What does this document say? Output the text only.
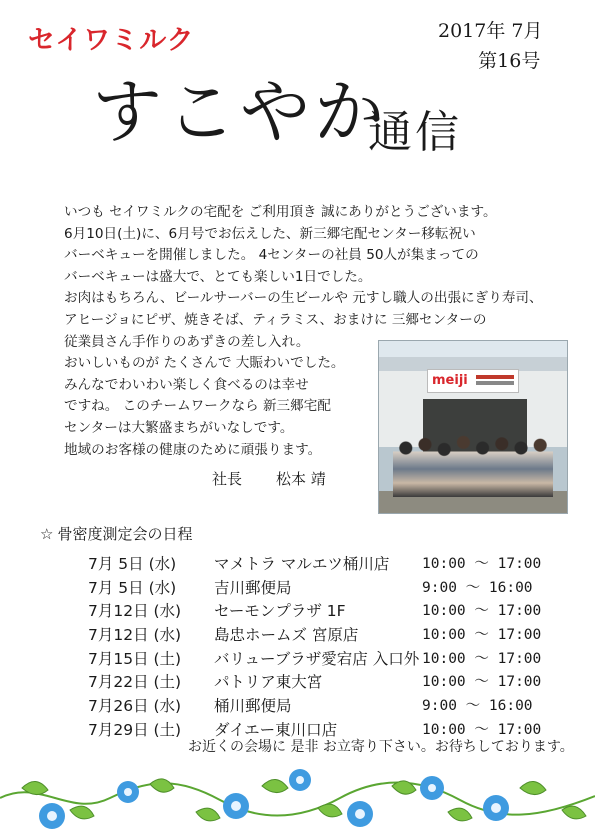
セイワミルク	2017年 7月
第16号
すこやか
通信
いつも セイワミルクの宅配を ご利用頂き 誠にありがとうございます。
6月10日(土)に、6月号でお伝えした、新三郷宅配センター移転祝い
バーベキューを開催しました。 4センターの社員 50人が集まっての
バーベキューは盛大で、とても楽しい1日でした。
お肉はもちろん、ビールサーバーの生ビールや 元すし職人の出張にぎり寿司、
アヒージョにピザ、焼きそば、ティラミス、おまけに 三郷センターの
従業員さん手作りのあずきの差し入れ。
おいしいものが たくさんで 大賑わいでした。
みんなでわいわい楽しく食べるのは幸せ
ですね。 このチームワークなら 新三郷宅配
センターは大繁盛まちがいなしです。
地域のお客様の健康のために頑張ります。
meiji
社長 松本 靖
☆ 骨密度測定会の日程
7月 5日 (水) マメトラ マルエツ桶川店 10:00 ～ 17:00
7月 5日 (水) 吉川郵便局	9:00 ～ 16:00
7月12日 (水) セーモンプラザ 1F	10:00 ～ 17:00
7月12日 (水) 島忠ホームズ 宮原店	10:00 ～ 17:00
7月15日 (土) バリューブラザ愛宕店 入口外 10:00 ～ 17:00
7月22日 (土) パトリア東大宮	10:00 ～ 17:00
7月26日 (水) 桶川郵便局	9:00 ～ 16:00
7月29日 (土) ダイエー東川口店	10:00 ～ 17:00
お近くの会場に 是非 お立寄り下さい。お待ちしております。
